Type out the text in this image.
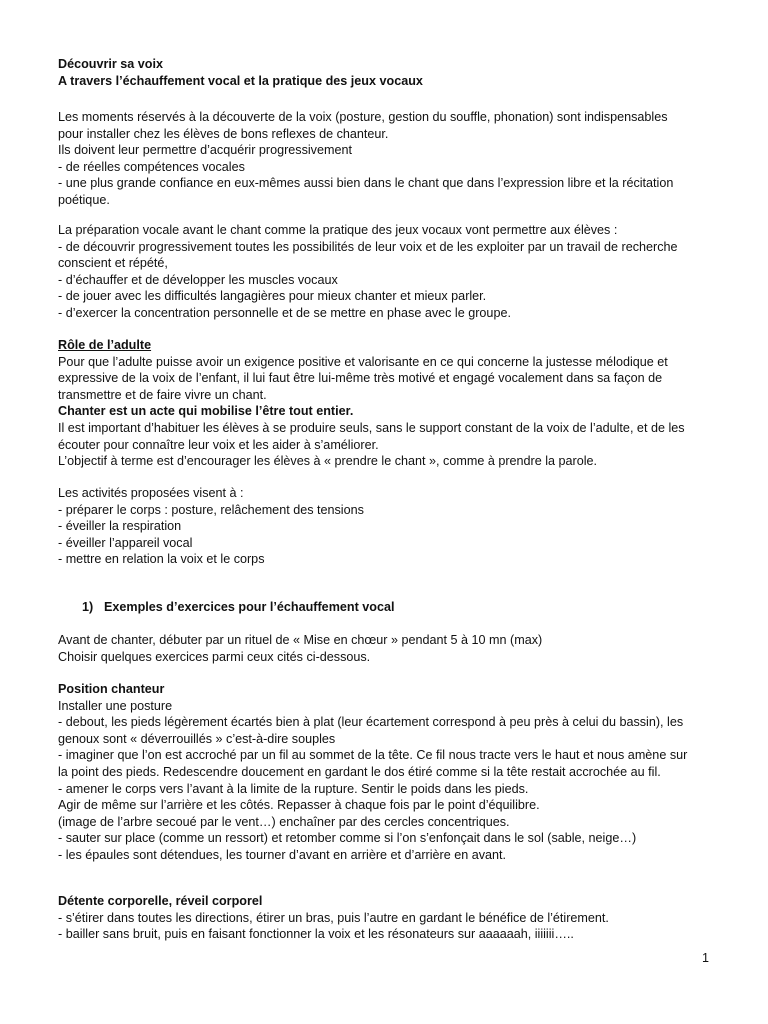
Découvrir sa voix
A travers l’échauffement vocal et la pratique des jeux vocaux
Les moments réservés à la découverte de la voix (posture, gestion du souffle, phonation) sont indispensables
pour installer chez les élèves de bons reflexes de chanteur.
Ils doivent leur permettre d’acquérir progressivement
- de réelles compétences vocales
- une plus grande confiance en eux-mêmes aussi bien dans le chant que dans l’expression libre et la récitation
poétique.
La préparation vocale avant le chant comme la pratique des jeux vocaux vont permettre aux élèves :
- de découvrir progressivement toutes les possibilités de leur voix et de les exploiter par un travail de recherche
conscient et répété,
- d’échauffer et de développer les muscles vocaux
- de jouer avec les difficultés langagières pour mieux chanter et mieux parler.
- d’exercer la concentration personnelle et de se mettre en phase avec le groupe.
Rôle de l’adulte
Pour que l’adulte puisse avoir un exigence positive et valorisante en ce qui concerne la justesse mélodique et
expressive de la voix de l’enfant, il lui faut être lui-même très motivé et engagé vocalement dans sa façon de
transmettre et de faire vivre un chant.
Chanter est un acte qui mobilise l’être tout entier.
Il est important d’habituer les élèves à se produire seuls, sans le support constant de la voix de l’adulte, et de les
écouter pour connaître leur voix et les aider à s’améliorer.
L’objectif à terme est d’encourager les élèves à « prendre le chant », comme à prendre la parole.
Les activités proposées visent à :
- préparer le corps : posture, relâchement des tensions
- éveiller la respiration
- éveiller l’appareil vocal
- mettre en relation la voix et le corps
1) Exemples d’exercices pour l’échauffement vocal
Avant de chanter, débuter par un rituel de « Mise en chœur » pendant 5 à 10 mn (max)
Choisir quelques exercices parmi ceux cités ci-dessous.
Position chanteur
Installer une posture
- debout, les pieds légèrement écartés bien à plat (leur écartement correspond à peu près à celui du bassin), les
genoux sont « déverrouillés » c’est-à-dire souples
- imaginer que l’on est accroché par un fil au sommet de la tête. Ce fil nous tracte vers le haut et nous amène sur
la point des pieds. Redescendre doucement en gardant le dos étiré comme si la tête restait accrochée au fil.
- amener le corps vers l’avant à la limite de la rupture. Sentir le poids dans les pieds.
Agir de même sur l’arrière et les côtés. Repasser à chaque fois par le point d’équilibre.
(image de l’arbre secoué par le vent…) enchaîner par des cercles concentriques.
- sauter sur place (comme un ressort) et retomber comme si l’on s’enfonçait dans le sol (sable, neige…)
- les épaules sont détendues, les tourner d’avant en arrière et d’arrière en avant.
Détente corporelle, réveil corporel
- s’étirer dans toutes les directions, étirer un bras, puis l’autre en gardant le bénéfice de l’étirement.
- bailler sans bruit, puis en faisant fonctionner la voix et les résonateurs sur aaaaaah, iiiiiii…..
1
